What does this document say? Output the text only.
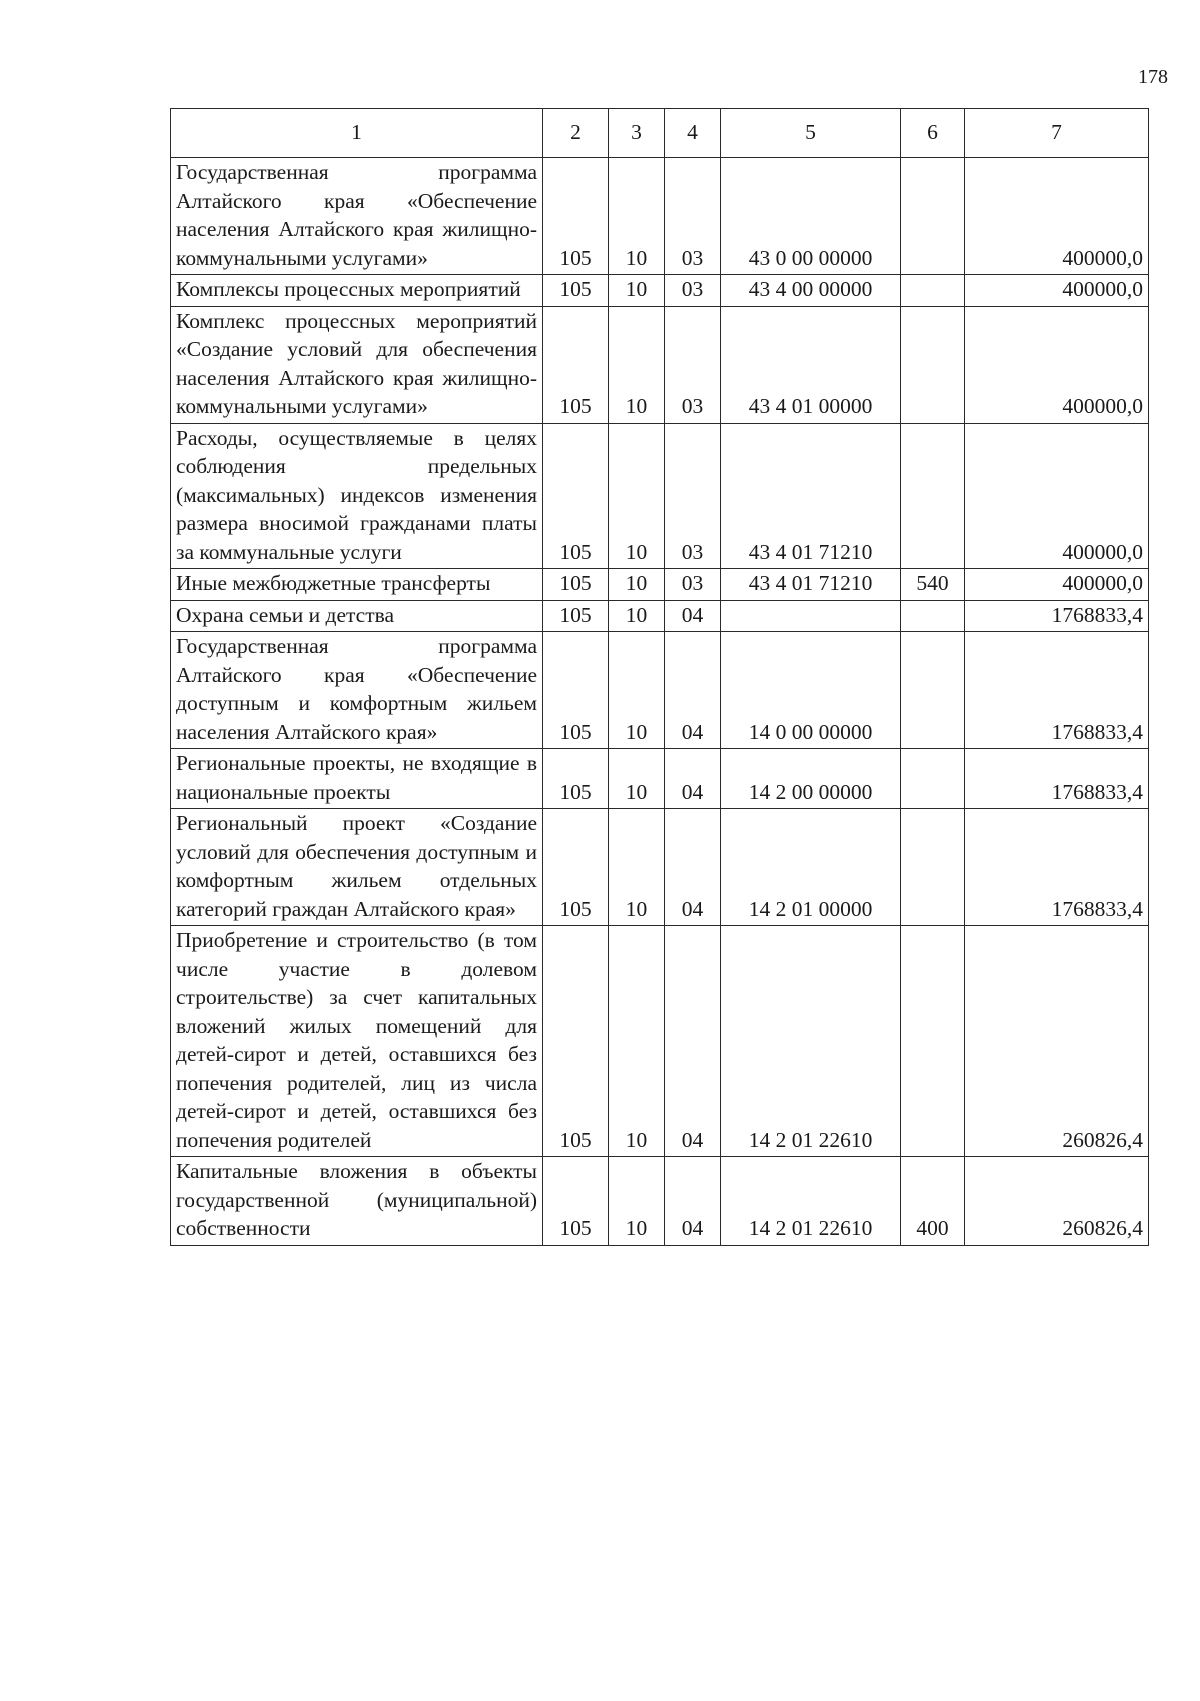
178
1	2	3	4	5	6	7
Государственная программа Алтайского края «Обеспечение населения Алтайского края жилищно-коммунальными услугами»	105	10	03	43 0 00 00000		400000,0
Комплексы процессных мероприятий	105	10	03	43 4 00 00000		400000,0
Комплекс процессных мероприятий «Создание условий для обеспечения населения Алтайского края жилищно-коммунальными услугами»	105	10	03	43 4 01 00000		400000,0
Расходы, осуществляемые в целях соблюдения предельных (максимальных) индексов изменения размера вносимой гражданами платы за коммунальные услуги	105	10	03	43 4 01 71210		400000,0
Иные межбюджетные трансферты	105	10	03	43 4 01 71210	540	400000,0
Охрана семьи и детства	105	10	04			1768833,4
Государственная программа Алтайского края «Обеспечение доступным и комфортным жильем населения Алтайского края»	105	10	04	14 0 00 00000		1768833,4
Региональные проекты, не входящие в национальные проекты	105	10	04	14 2 00 00000		1768833,4
Региональный проект «Создание условий для обеспечения доступным и комфортным жильем отдельных категорий граждан Алтайского края»	105	10	04	14 2 01 00000		1768833,4
Приобретение и строительство (в том числе участие в долевом строительстве) за счет капитальных вложений жилых помещений для детей-сирот и детей, оставшихся без попечения родителей, лиц из числа детей-сирот и детей, оставшихся без попечения родителей	105	10	04	14 2 01 22610		260826,4
Капитальные вложения в объекты государственной (муниципальной) собственности	105	10	04	14 2 01 22610	400	260826,4
